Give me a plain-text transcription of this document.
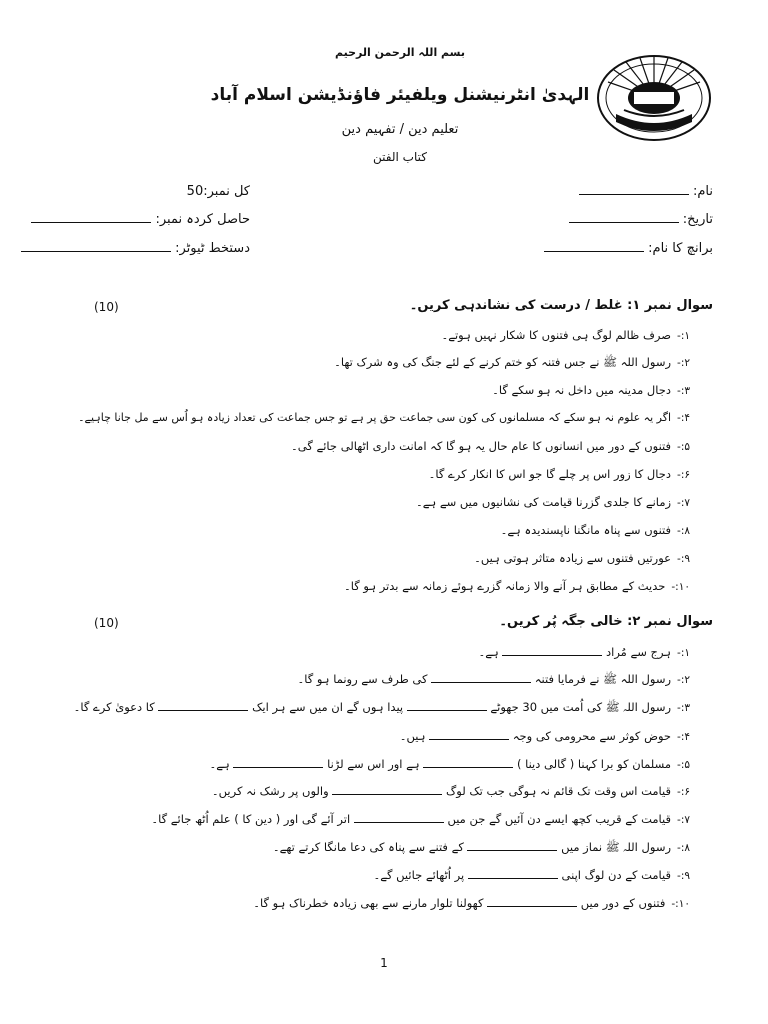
بسم اللہ الرحمن الرحیم
الہدیٰ انٹرنیشنل ویلفیئر فاؤنڈیشن اسلام آباد
تعلیم دین / تفہیم دین
کتاب الفتن
نام:
تاریخ:
برانچ کا نام:
کل نمبر:50
حاصل کردہ نمبر:
دستخط ٹیوٹر:
سوال نمبر ۱: غلط / درست کی نشاندہی کریں۔
(10)
۱:-صرف ظالم لوگ ہی فتنوں کا شکار نہیں ہوتے۔
۲:-رسول اللہ ﷺ نے جس فتنہ کو ختم کرنے کے لئے جنگ کی وہ شرک تھا۔
۳:-دجال مدینہ میں داخل نہ ہو سکے گا۔
۴:-اگر یہ علوم نہ ہو سکے کہ مسلمانوں کی کون سی جماعت حق پر ہے تو جس جماعت کی تعداد زیادہ ہو اُس سے مل جانا چاہیے۔
۵:-فتنوں کے دور میں انسانوں کا عام حال یہ ہو گا کہ امانت داری اٹھالی جائے گی۔
۶:-دجال کا زور اس پر چلے گا جو اس کا انکار کرے گا۔
۷:-زمانے کا جلدی گزرنا قیامت کی نشانیوں میں سے ہے۔
۸:-فتنوں سے پناہ مانگنا ناپسندیدہ ہے۔
۹:-عورتیں فتنوں سے زیادہ متاثر ہوتی ہیں۔
۱۰:-حدیث کے مطابق ہر آنے والا زمانہ گزرے ہوئے زمانہ سے بدتر ہو گا۔
سوال نمبر ۲: خالی جگہ پُر کریں۔
(10)
۱:-ہرج سے مُراد  ہے۔
۲:-رسول اللہ ﷺ نے فرمایا فتنہ  کی طرف سے رونما ہو گا۔
۳:-رسول اللہ ﷺ کی اُمت میں 30 جھوٹے  پیدا ہوں گے ان میں سے ہر ایک  کا دعویٰ کرے گا۔
۴:-حوض کوثر سے محرومی کی وجہ  ہیں۔
۵:-مسلمان کو برا کہنا ( گالی دینا )  ہے اور اس سے لڑنا  ہے۔
۶:-قیامت اس وقت تک قائم نہ ہوگی جب تک لوگ  والوں پر رشک نہ کریں۔
۷:-قیامت کے قریب کچھ ایسے دن آئیں گے جن میں  اتر آئے گی اور ( دین کا ) علم اُٹھ جائے گا۔
۸:-رسول اللہ ﷺ نماز میں  کے فتنے سے پناہ کی دعا مانگا کرتے تھے۔
۹:-قیامت کے دن لوگ اپنی  پر اُٹھائے جائیں گے۔
۱۰:-فتنوں کے دور میں  کھولنا تلوار مارنے سے بھی زیادہ خطرناک ہو گا۔
1
